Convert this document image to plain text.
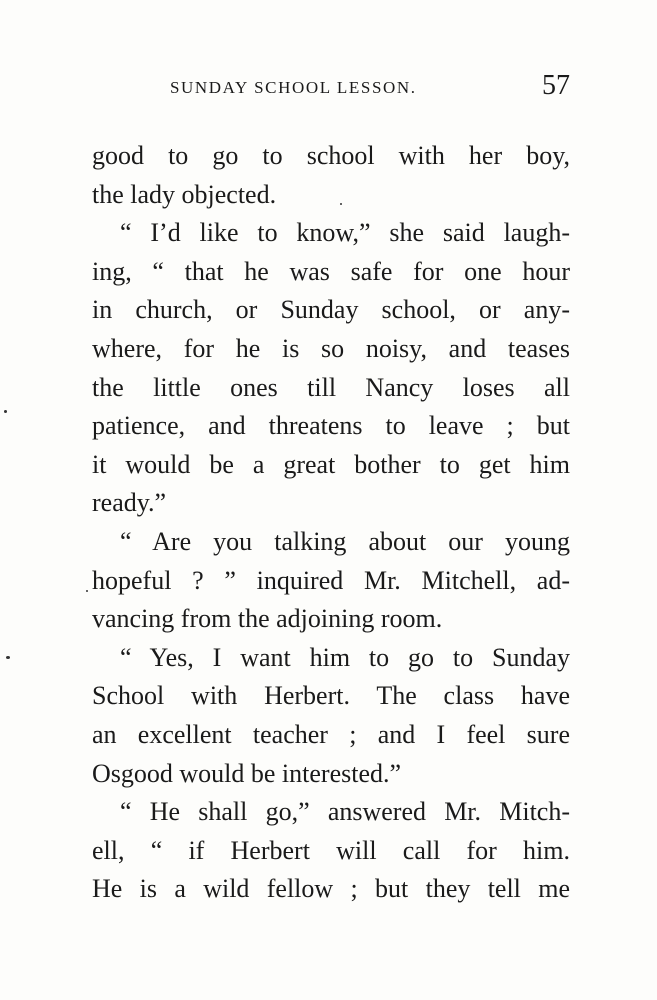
SUNDAY SCHOOL LESSON.	57
good to go to school with her boy,
the lady objected.
“ I’d like to know,” she said laugh-
ing, “ that he was safe for one hour
in church, or Sunday school, or any-
where, for he is so noisy, and teases
the little ones till Nancy loses all
patience, and threatens to leave ; but
it would be a great bother to get him
ready.”
“ Are you talking about our young
hopeful ? ” inquired Mr. Mitchell, ad-
vancing from the adjoining room.
“ Yes, I want him to go to Sunday
School with Herbert. The class have
an excellent teacher ; and I feel sure
Osgood would be interested.”
“ He shall go,” answered Mr. Mitch-
ell, “ if Herbert will call for him.
He is a wild fellow ; but they tell me
